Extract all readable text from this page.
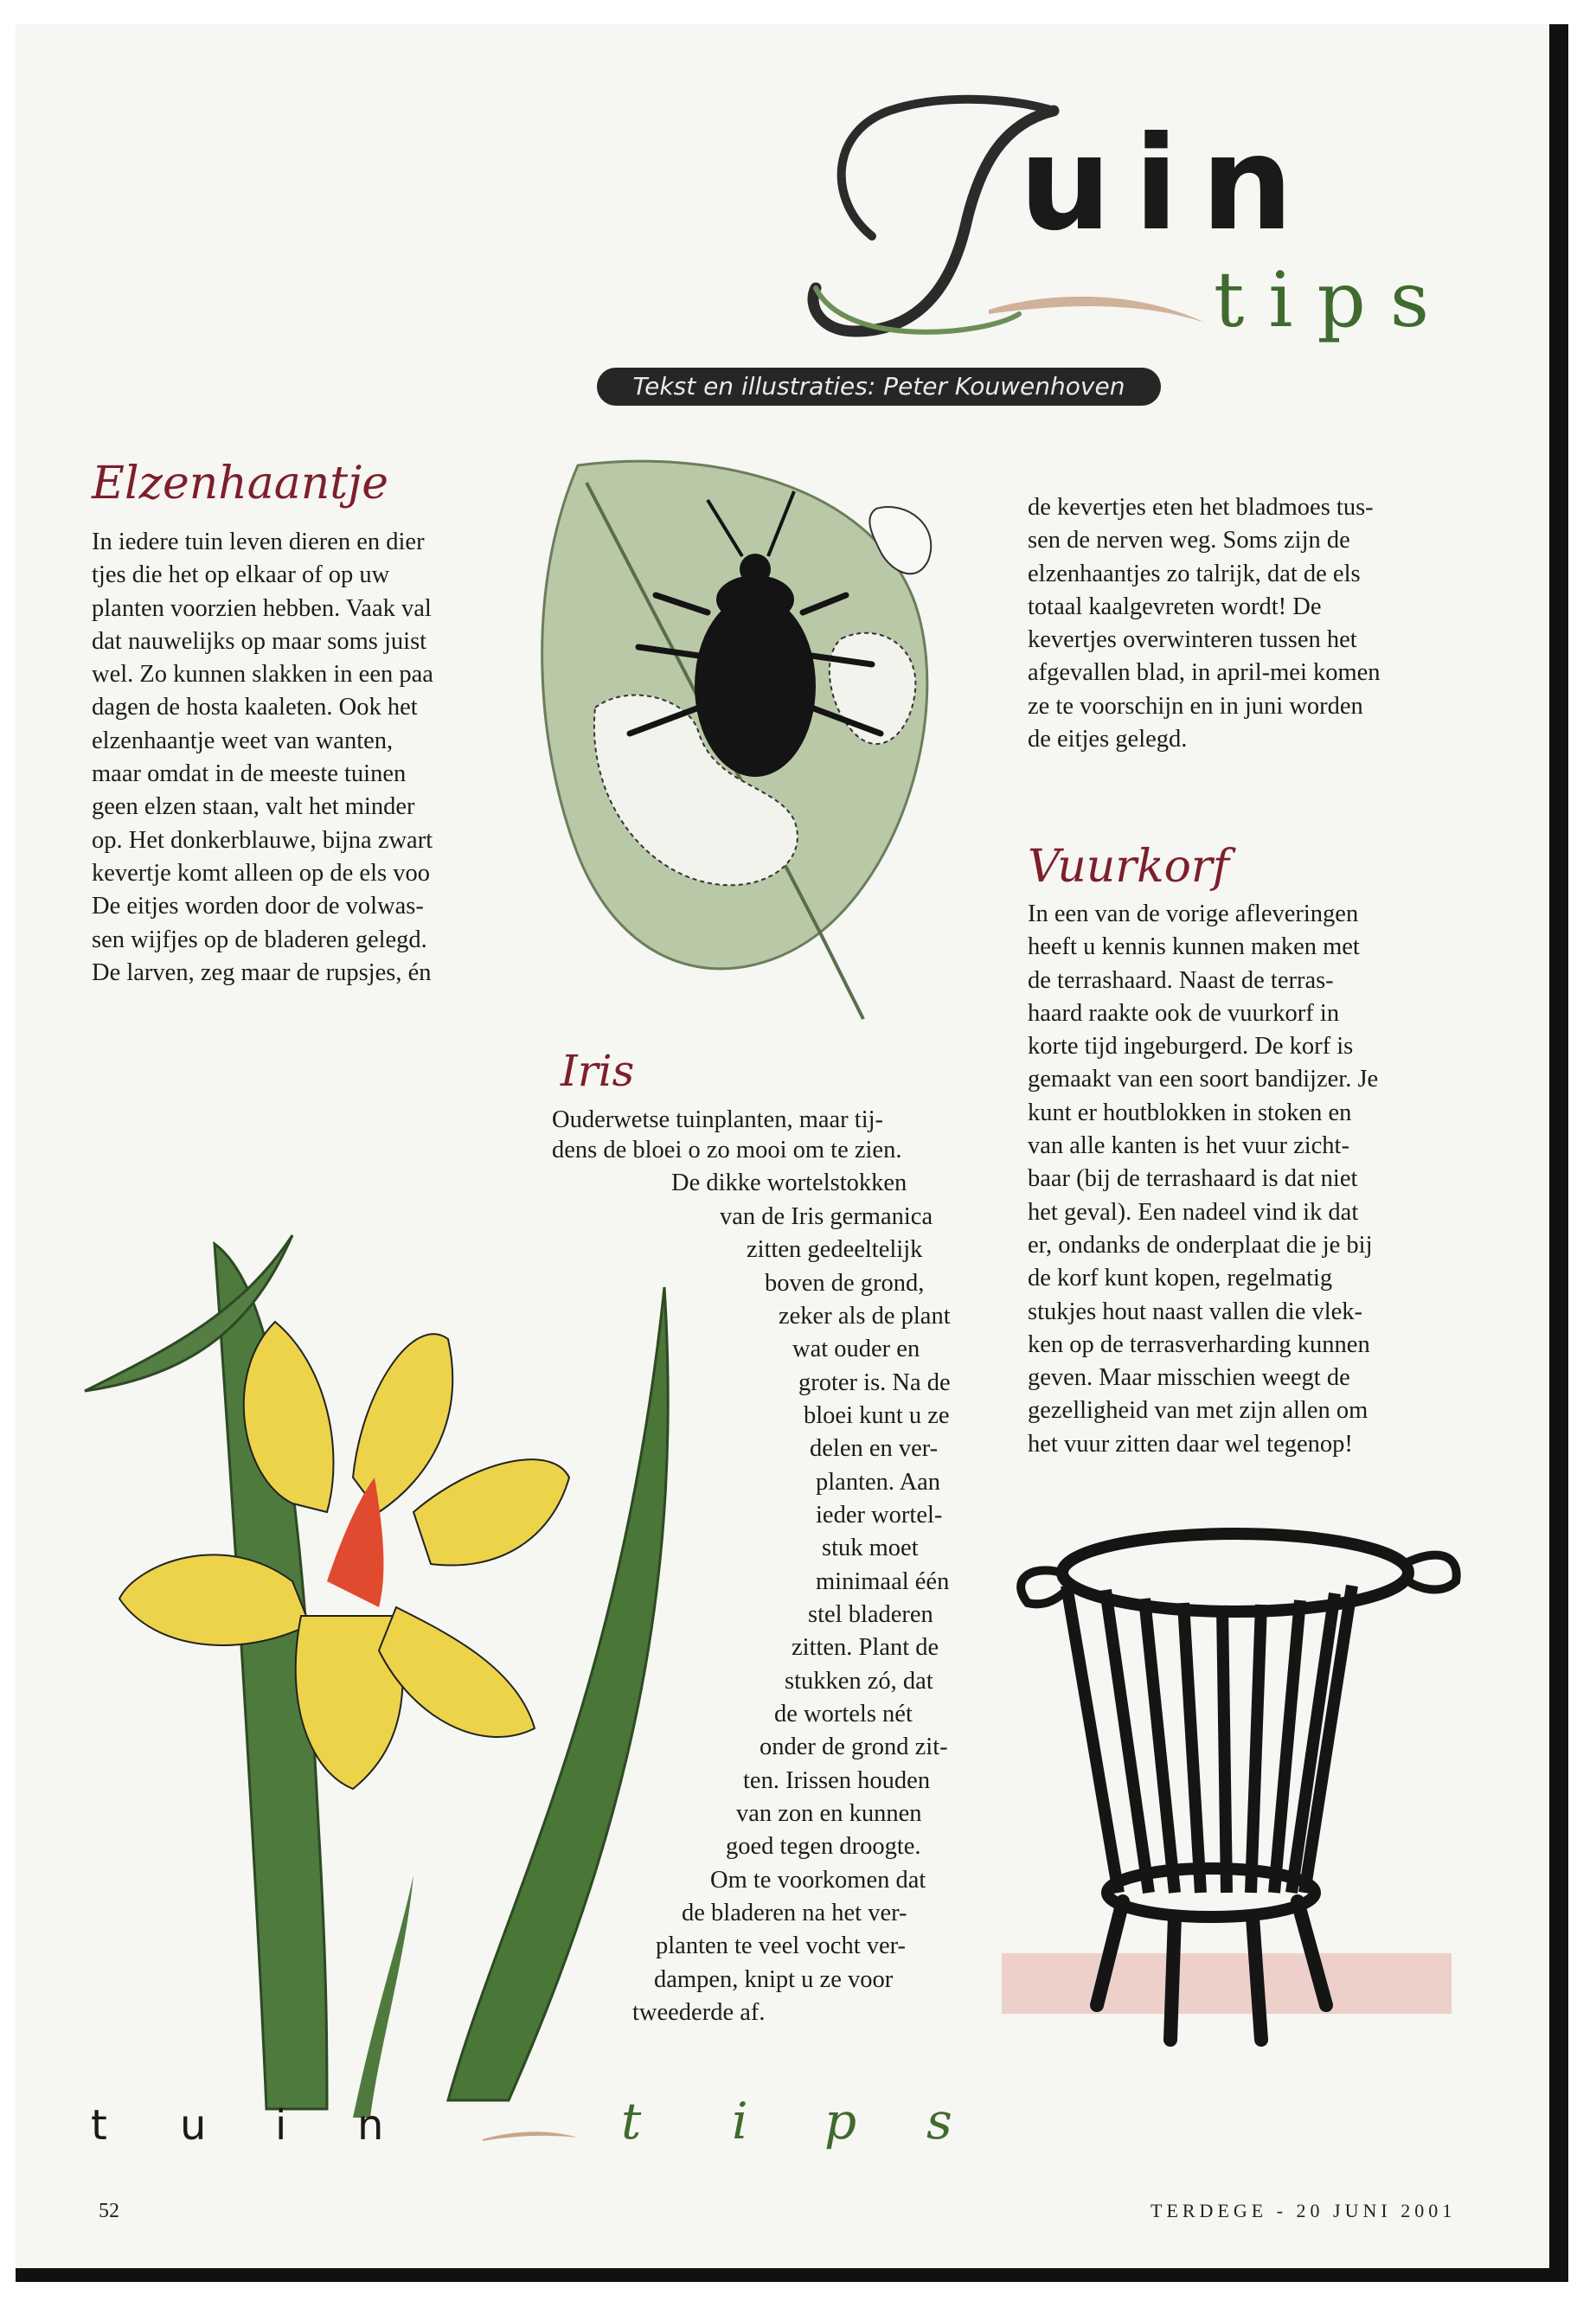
uin
tips
Tekst en illustraties: Peter Kouwenhoven
Elzenhaantje

In iedere tuin leven dieren en dier
tjes die het op elkaar of op uw
planten voorzien hebben. Vaak val
dat nauwelijks op maar soms juist
wel. Zo kunnen slakken in een paa
dagen de hosta kaaleten. Ook het
elzenhaantje weet van wanten,
maar omdat in de meeste tuinen
geen elzen staan, valt het minder
op. Het donkerblauwe, bijna zwart
kevertje komt alleen op de els voo
De eitjes worden door de volwas-
sen wijfjes op de bladeren gelegd.
De larven, zeg maar de rupsjes, én

de kevertjes eten het bladmoes tus-
sen de nerven weg. Soms zijn de
elzenhaantjes zo talrijk, dat de els
totaal kaalgevreten wordt! De
kevertjes overwinteren tussen het
afgevallen blad, in april-mei komen
ze te voorschijn en in juni worden
de eitjes gelegd.

Vuurkorf

In een van de vorige afleveringen
heeft u kennis kunnen maken met
de terrashaard. Naast de terras-
haard raakte ook de vuurkorf in
korte tijd ingeburgerd. De korf is
gemaakt van een soort bandijzer. Je
kunt er houtblokken in stoken en
van alle kanten is het vuur zicht-
baar (bij de terrashaard is dat niet
het geval). Een nadeel vind ik dat
er, ondanks de onderplaat die je bij
de korf kunt kopen, regelmatig
stukjes hout naast vallen die vlek-
ken op de terrasverharding kunnen
geven. Maar misschien weegt de
gezelligheid van met zijn allen om
het vuur zitten daar wel tegenop!

Iris
Ouderwetse tuinplanten, maar tij-
dens de bloei o zo mooi om te zien.
De dikke wortelstokken
van de Iris germanica
zitten gedeeltelijk
boven de grond,
zeker als de plant
wat ouder en
groter is. Na de
bloei kunt u ze
delen en ver-
planten. Aan
ieder wortel-
stuk moet
minimaal één
stel bladeren
zitten. Plant de
stukken zó, dat
de wortels nét
onder de grond zit-
ten. Irissen houden
van zon en kunnen
goed tegen droogte.
Om te voorkomen dat
de bladeren na het ver-
planten te veel vocht ver-
dampen, knipt u ze voor
tweederde af.
t u i n	t i p s
52	TERDEGE - 20 JUNI 2001
